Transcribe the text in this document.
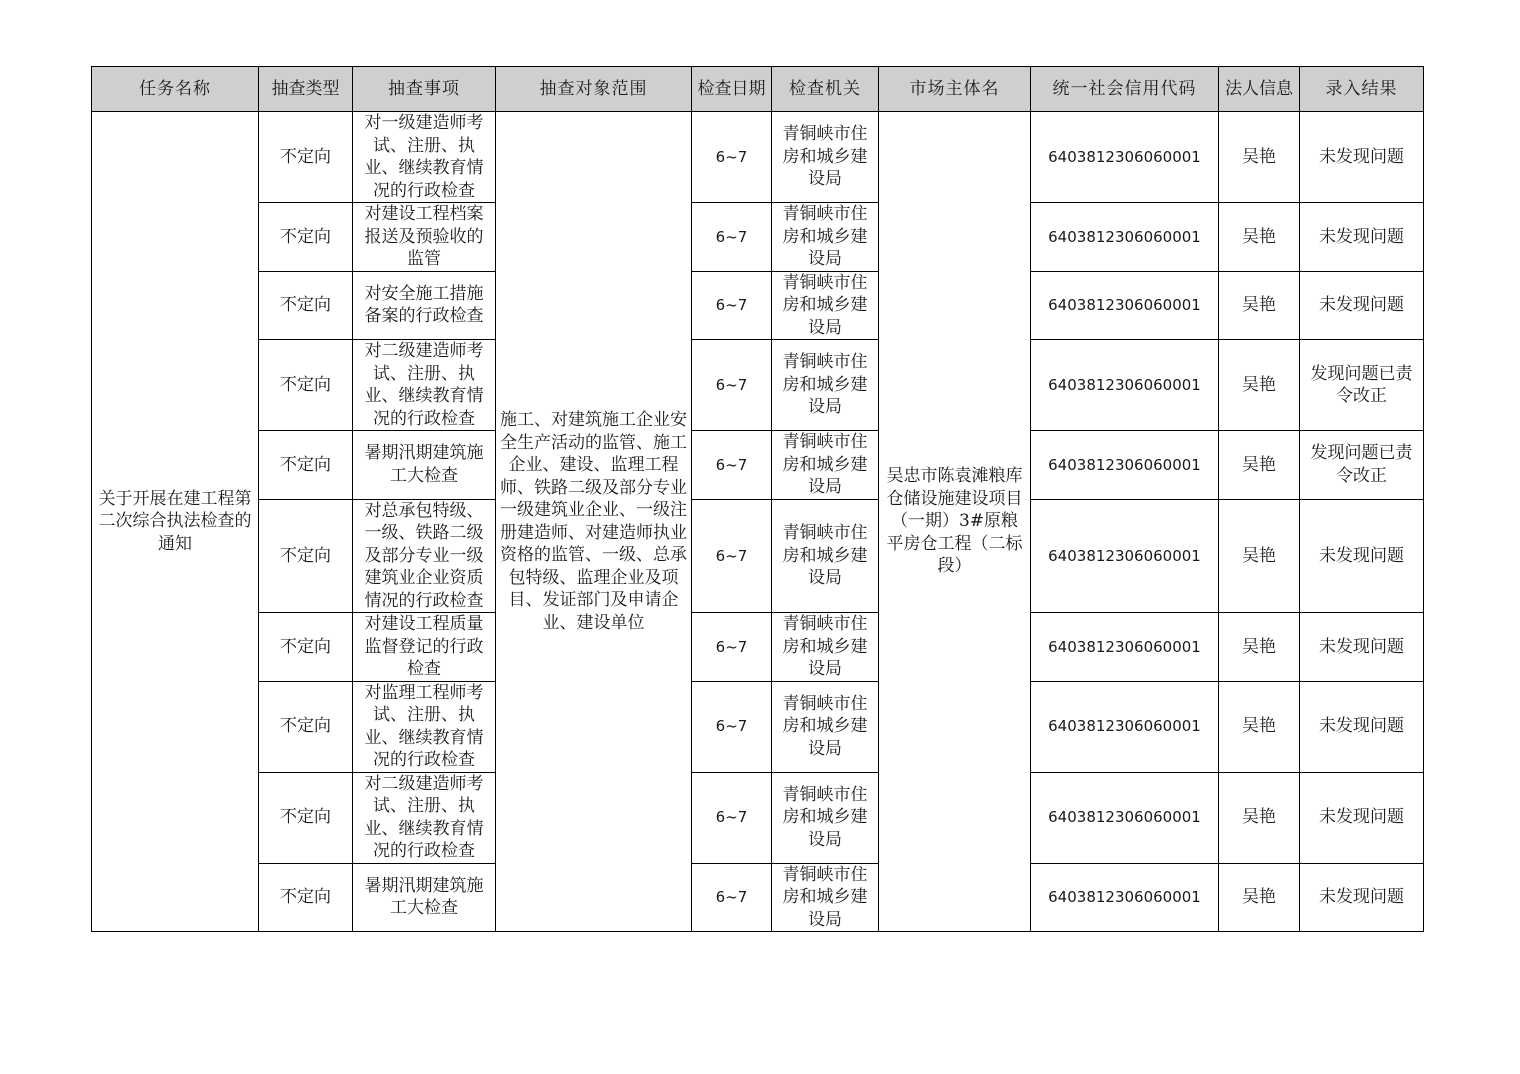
任务名称	抽查类型	抽查事项	抽查对象范围	检查日期	检查机关	市场主体名	统一社会信用代码	法人信息	录入结果
关于开展在建工程第二次综合执法检查的通知	不定向	对一级建造师考试、注册、执业、继续教育情况的行政检查	施工、对建筑施工企业安全生产活动的监管、施工企业、建设、监理工程师、铁路二级及部分专业一级建筑业企业、一级注册建造师、对建造师执业资格的监管、一级、总承包特级、监理企业及项目、发证部门及申请企业、建设单位	6~7	青铜峡市住房和城乡建设局	吴忠市陈袁滩粮库仓储设施建设项目（一期）3#原粮平房仓工程（二标段）	6403812306060001	吴艳	未发现问题
	不定向	对建设工程档案报送及预验收的监管		6~7	青铜峡市住房和城乡建设局		6403812306060001	吴艳	未发现问题
	不定向	对安全施工措施备案的行政检查		6~7	青铜峡市住房和城乡建设局		6403812306060001	吴艳	未发现问题
	不定向	对二级建造师考试、注册、执业、继续教育情况的行政检查		6~7	青铜峡市住房和城乡建设局		6403812306060001	吴艳	发现问题已责令改正
	不定向	暑期汛期建筑施工大检查		6~7	青铜峡市住房和城乡建设局		6403812306060001	吴艳	发现问题已责令改正
	不定向	对总承包特级、一级、铁路二级及部分专业一级建筑业企业资质情况的行政检查		6~7	青铜峡市住房和城乡建设局		6403812306060001	吴艳	未发现问题
	不定向	对建设工程质量监督登记的行政检查		6~7	青铜峡市住房和城乡建设局		6403812306060001	吴艳	未发现问题
	不定向	对监理工程师考试、注册、执业、继续教育情况的行政检查		6~7	青铜峡市住房和城乡建设局		6403812306060001	吴艳	未发现问题
	不定向	对二级建造师考试、注册、执业、继续教育情况的行政检查		6~7	青铜峡市住房和城乡建设局		6403812306060001	吴艳	未发现问题
	不定向	暑期汛期建筑施工大检查		6~7	青铜峡市住房和城乡建设局		6403812306060001	吴艳	未发现问题
